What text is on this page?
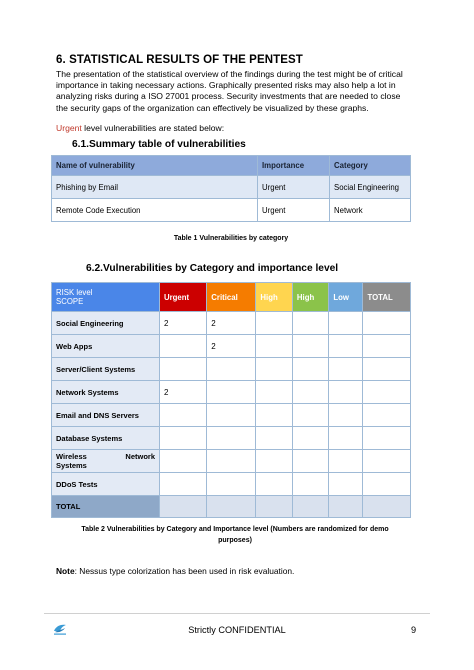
6. STATISTICAL RESULTS OF THE PENTEST
The presentation of the statistical overview of the findings during the test might be of critical
importance in taking necessary actions. Graphically presented risks may also help a lot in
analyzing risks during a ISO 27001 process. Security investments that are needed to close
the security gaps of the organization can effectively be visualized by these graphs.
Urgent level vulnerabilities are stated below:
6.1.Summary table of vulnerabilities
Name of vulnerability	Importance	Category
Phishing by Email	Urgent	Social Engineering
Remote Code Execution	Urgent	Network
Table 1 Vulnerabilities by category
6.2.Vulnerabilities by Category and importance level
RISK level
SCOPE	Urgent	Critical	High	High	Low	TOTAL
Social Engineering	2	2				
Web Apps		2				
Server/Client Systems						
Network Systems	2					
Email and DNS Servers						
Database Systems						

Wireless Network
Systems						

DDoS Tests						
TOTAL						
Table 2 Vulnerabilities by Category and Importance level (Numbers are randomized for demo
purposes)
Note: Nessus type colorization has been used in risk evaluation.
Strictly CONFIDENTIAL	9
